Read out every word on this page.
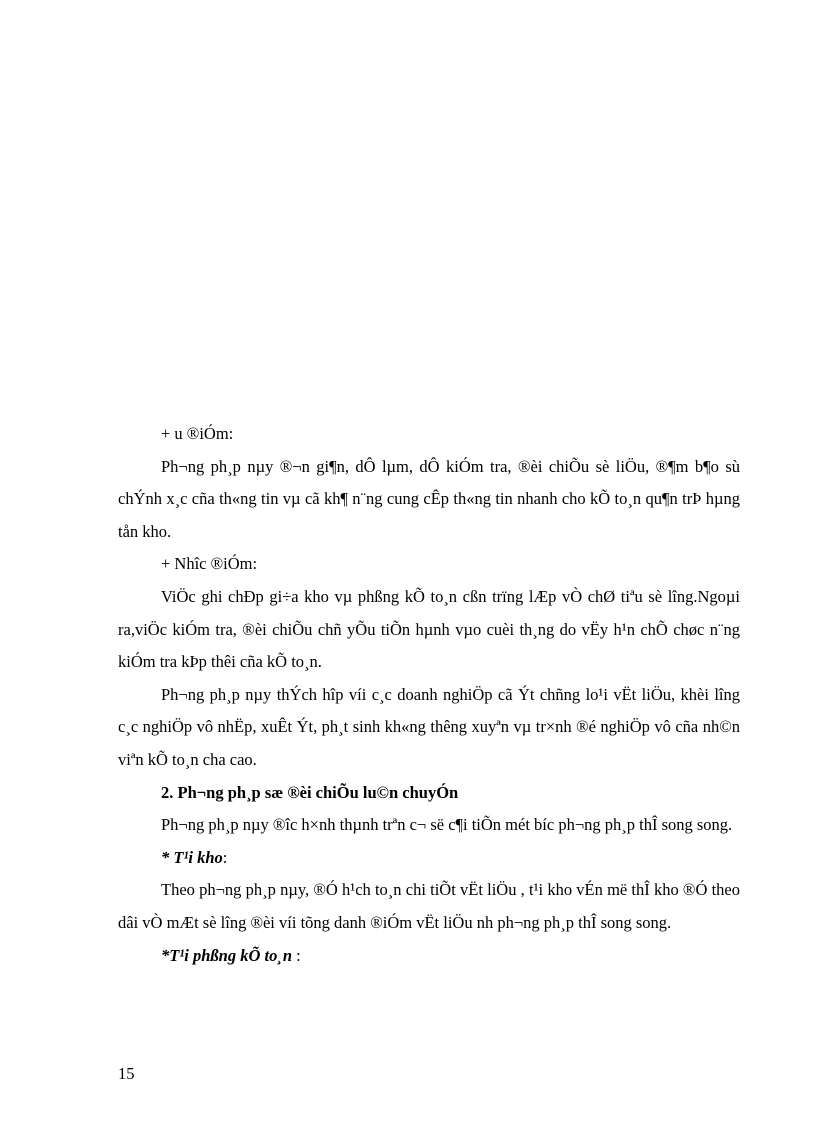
+ u ®iÓm:

Ph¬ng ph¸p nµy ®¬n gi¶n, dÔ lµm, dÔ kiÓm tra, ®èi chiÕu sè liÖu, ®¶m b¶o sù chÝnh x¸c cña th«ng tin vµ cã kh¶ n¨ng cung cÊp th«ng tin nhanh cho kÕ to¸n qu¶n trÞ hµng tån kho.

+ Nhîc ®iÓm:

ViÖc ghi chÐp gi÷a kho vµ phßng kÕ to¸n cßn trïng lÆp vÒ chØ tiªu sè lîng.Ngoµi ra,viÖc kiÓm tra, ®èi chiÕu chñ yÕu tiÕn hµnh vµo cuèi th¸ng do vËy h¹n chÕ chøc n¨ng kiÓm tra kÞp thêi cña kÕ to¸n.

Ph¬ng ph¸p nµy thÝch hîp víi c¸c doanh nghiÖp cã Ýt chñng lo¹i vËt liÖu, khèi lîng c¸c nghiÖp vô nhËp, xuÊt Ýt, ph¸t sinh kh«ng thêng xuyªn vµ tr×nh ®é nghiÖp vô cña nh©n viªn kÕ to¸n cha cao.

2. Ph¬ng ph¸p sæ ®èi chiÕu lu©n chuyÓn

Ph¬ng ph¸p nµy ®îc h×nh thµnh trªn c¬ së c¶i tiÕn mét bíc ph¬ng ph¸p thÎ song song.

* T¹i kho:

Theo ph¬ng ph¸p nµy, ®Ó h¹ch to¸n chi tiÕt vËt liÖu , t¹i kho vÉn më thÎ kho ®Ó theo dâi vÒ mÆt sè lîng ®èi víi tõng danh ®iÓm vËt liÖu nh ph¬ng ph¸p thÎ song song.

*T¹i phßng kÕ to¸n :

15
